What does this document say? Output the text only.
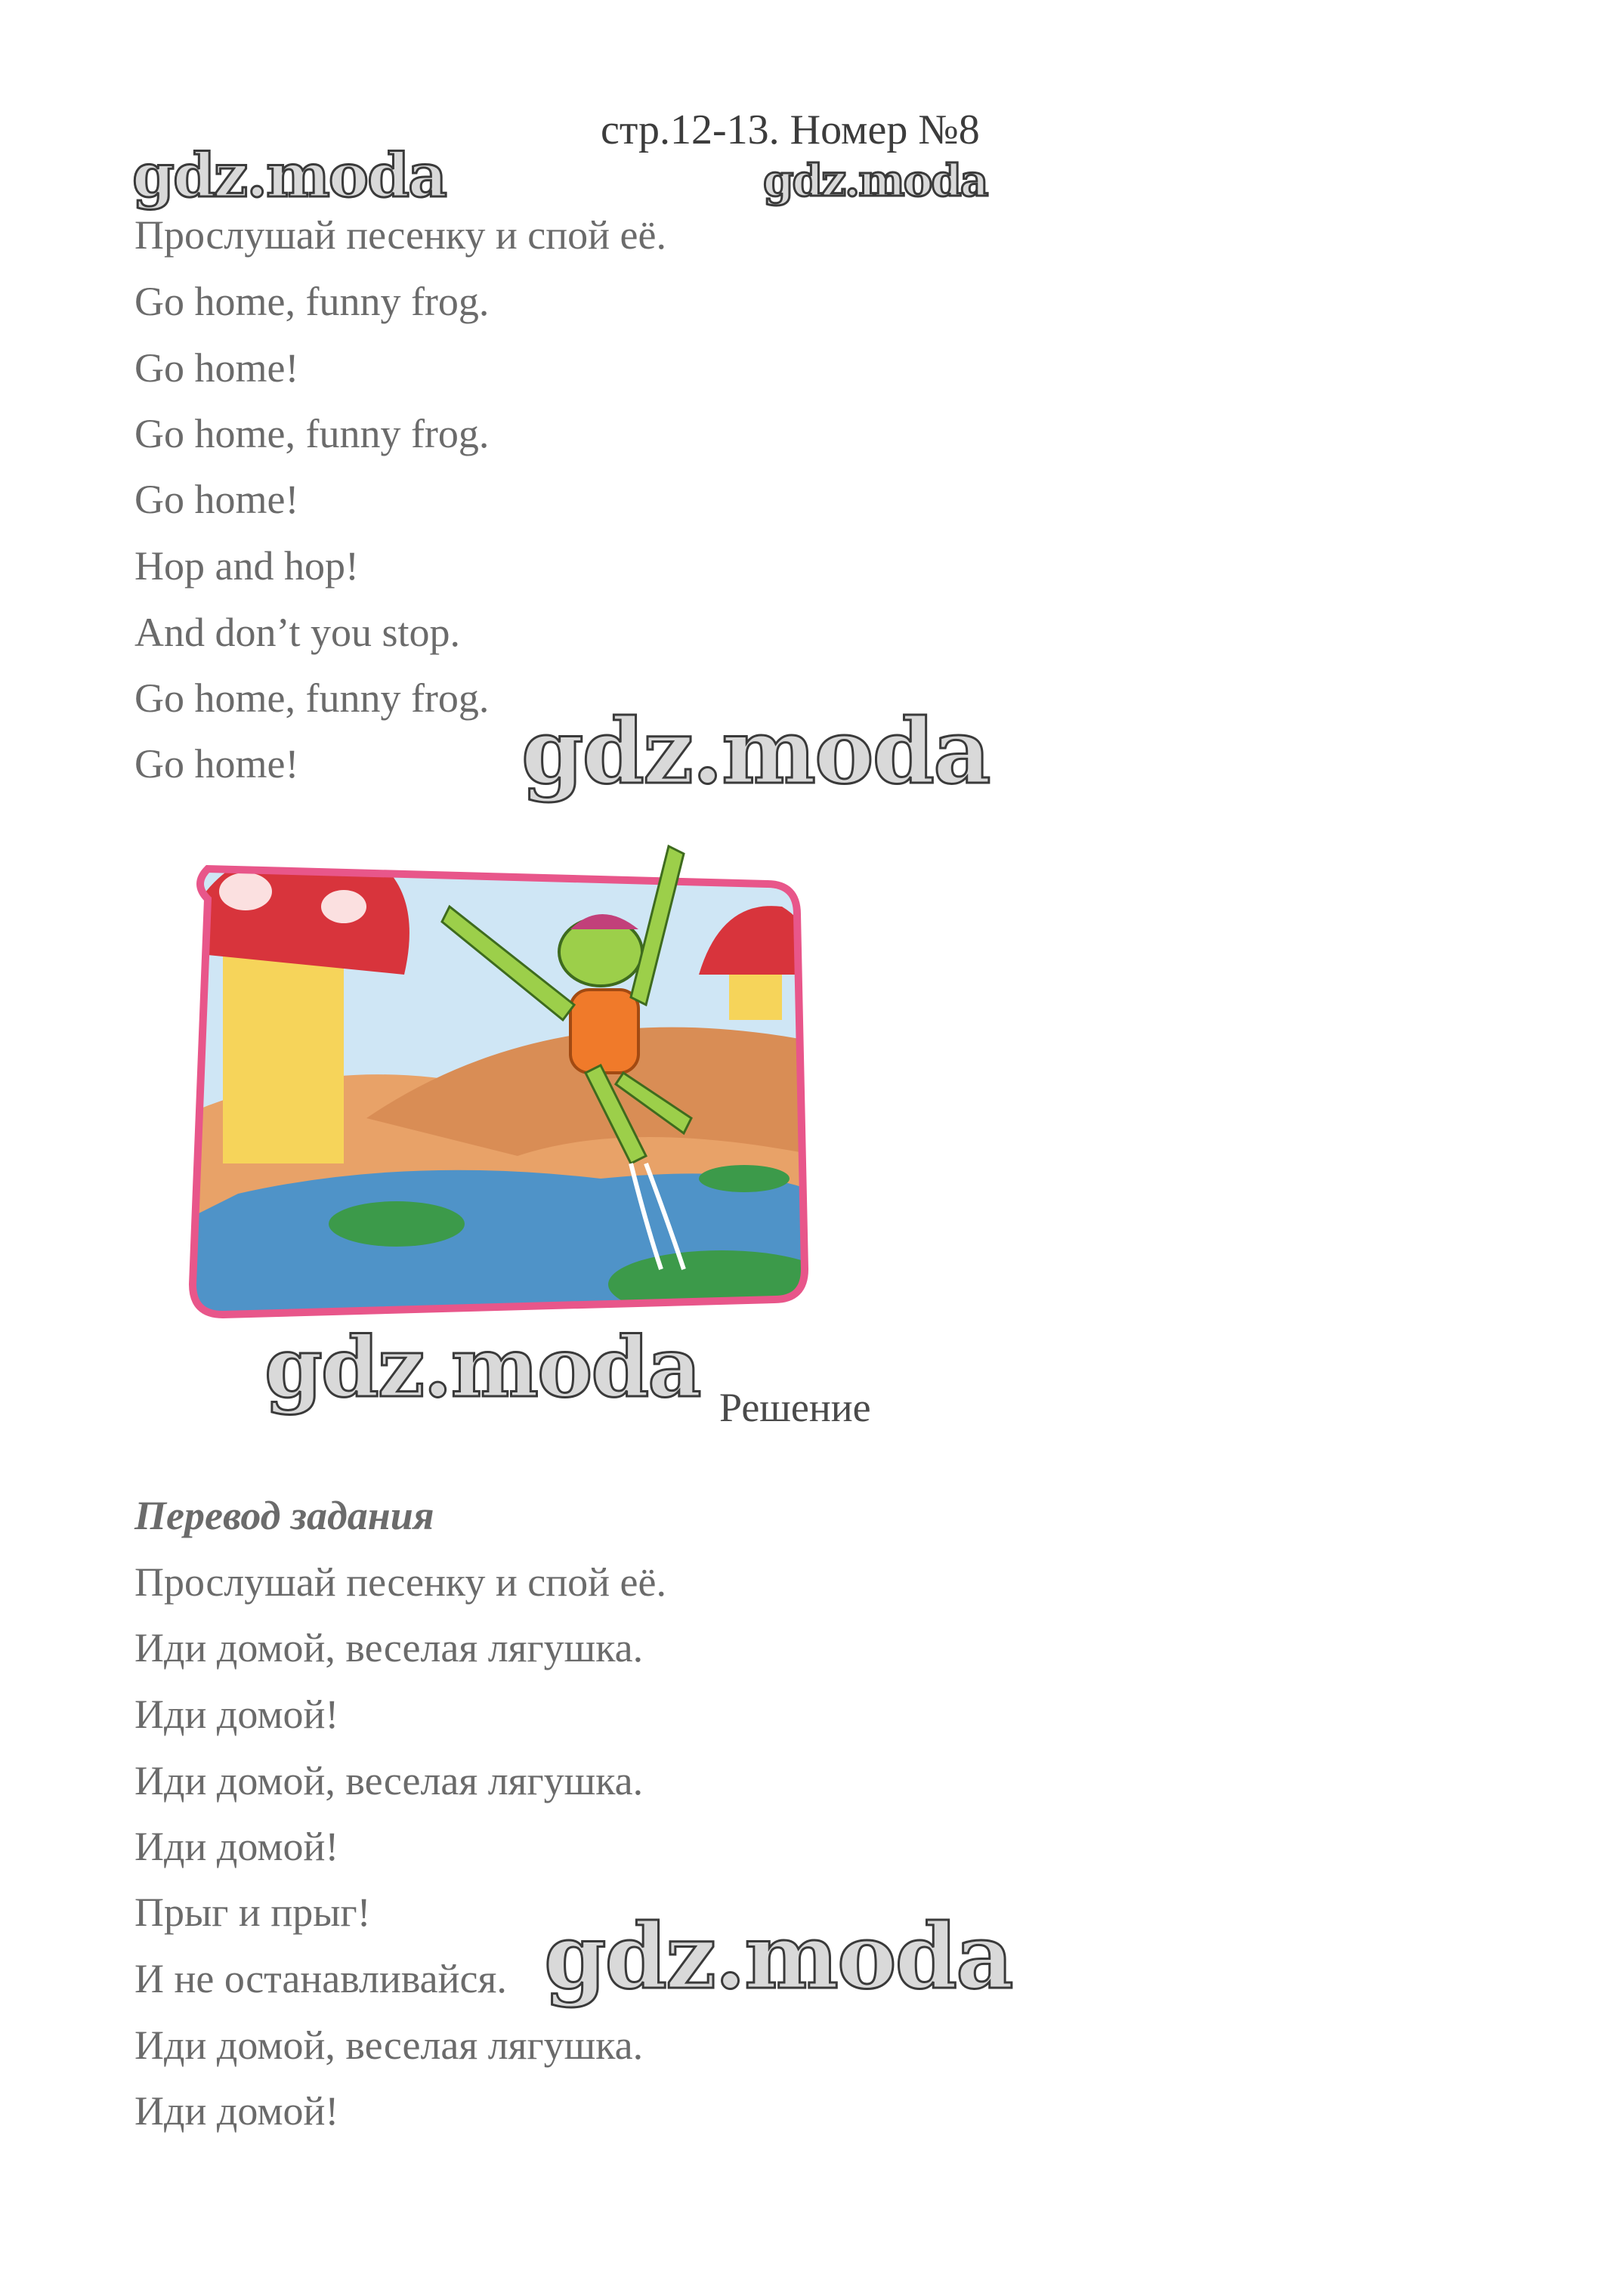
стр.12-13. Номер №8
gdz.moda	gdz.moda
gdz.moda
gdz.moda
gdz.moda
Прослушай песенку и спой её.
Go home, funny frog.
Go home!
Go home, funny frog.
Go home!
Hop and hop!
And don’t you stop.
Go home, funny frog.
Go home!
Решение
Перевод задания
Прослушай песенку и спой её.
Иди домой, веселая лягушка.
Иди домой!
Иди домой, веселая лягушка.
Иди домой!
Прыг и прыг!
И не останавливайся.
Иди домой, веселая лягушка.
Иди домой!
